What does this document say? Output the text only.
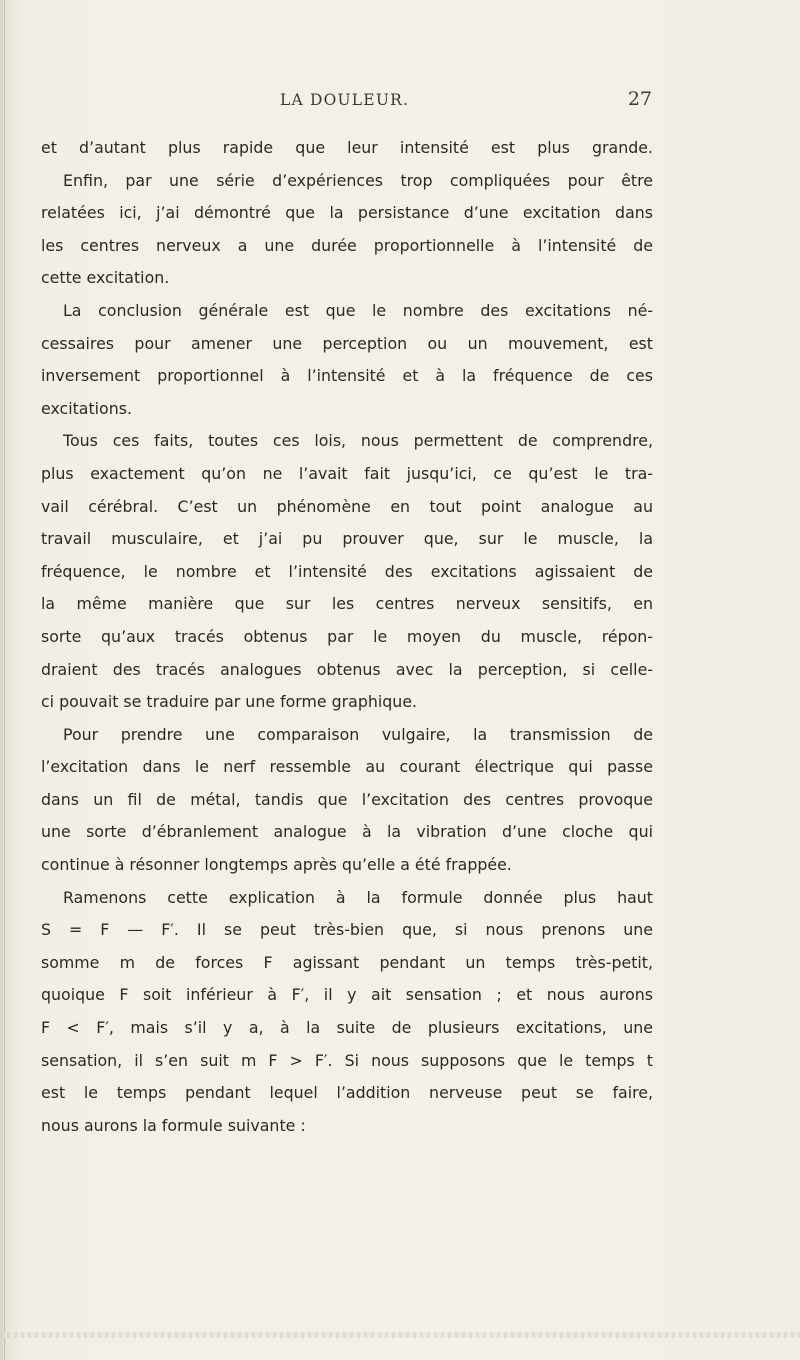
LA DOULEUR.	27
et d’autant plus rapide que leur intensité est plus grande.
Enfin, par une série d’expériences trop compliquées pour être
relatées ici, j’ai démontré que la persistance d’une excitation dans
les centres nerveux a une durée proportionnelle à l’intensité de
cette excitation.
La conclusion générale est que le nombre des excitations né-
cessaires pour amener une perception ou un mouvement, est
inversement proportionnel à l’intensité et à la fréquence de ces
excitations.
Tous ces faits, toutes ces lois, nous permettent de comprendre,
plus exactement qu’on ne l’avait fait jusqu’ici, ce qu’est le tra-
vail cérébral. C’est un phénomène en tout point analogue au
travail musculaire, et j’ai pu prouver que, sur le muscle, la
fréquence, le nombre et l’intensité des excitations agissaient de
la même manière que sur les centres nerveux sensitifs, en
sorte qu’aux tracés obtenus par le moyen du muscle, répon-
draient des tracés analogues obtenus avec la perception, si celle-
ci pouvait se traduire par une forme graphique.
Pour prendre une comparaison vulgaire, la transmission de
l’excitation dans le nerf ressemble au courant électrique qui passe
dans un fil de métal, tandis que l’excitation des centres provoque
une sorte d’ébranlement analogue à la vibration d’une cloche qui
continue à résonner longtemps après qu’elle a été frappée.
Ramenons cette explication à la formule donnée plus haut
S = F — F′. Il se peut très-bien que, si nous prenons une
somme m de forces F agissant pendant un temps très-petit,
quoique F soit inférieur à F′, il y ait sensation ; et nous aurons
F < F′, mais s’il y a, à la suite de plusieurs excitations, une
sensation, il s’en suit m F > F′. Si nous supposons que le temps t
est le temps pendant lequel l’addition nerveuse peut se faire,
nous aurons la formule suivante :
